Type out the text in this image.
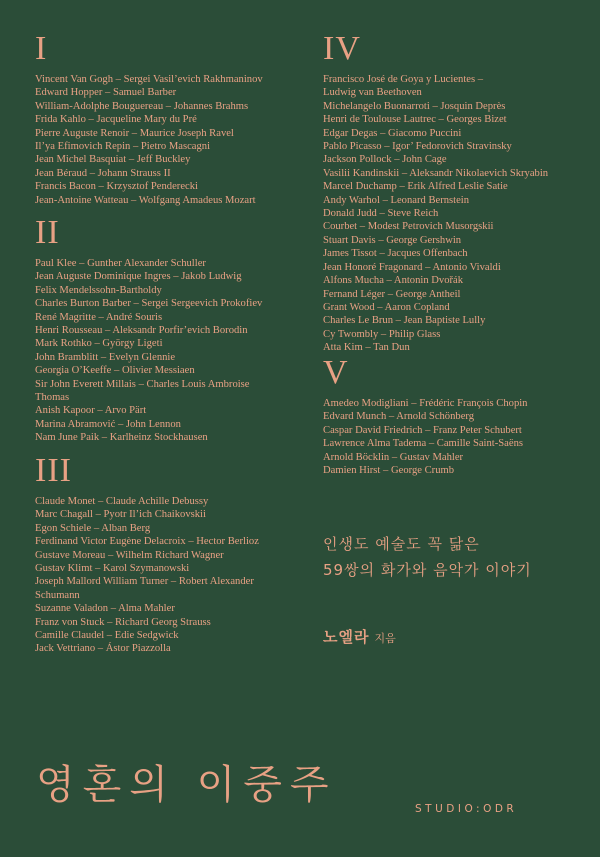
I
Vincent Van Gogh – Sergei Vasil’evich Rakhmaninov
Edward Hopper – Samuel Barber
William-Adolphe Bouguereau – Johannes Brahms
Frida Kahlo – Jacqueline Mary du Pré
Pierre Auguste Renoir – Maurice Joseph Ravel
Il’ya Efimovich Repin – Pietro Mascagni
Jean Michel Basquiat – Jeff Buckley
Jean Béraud – Johann Strauss II
Francis Bacon – Krzysztof Penderecki
Jean-Antoine Watteau – Wolfgang Amadeus Mozart
II
Paul Klee – Gunther Alexander Schuller
Jean Auguste Dominique Ingres – Jakob Ludwig
Felix Mendelssohn-Bartholdy
Charles Burton Barber – Sergei Sergeevich Prokofiev
René Magritte – André Souris
Henri Rousseau – Aleksandr Porfir’evich Borodin
Mark Rothko – György Ligeti
John Bramblitt – Evelyn Glennie
Georgia O’Keeffe – Olivier Messiaen
Sir John Everett Millais – Charles Louis Ambroise
Thomas
Anish Kapoor – Arvo Pärt
Marina Abramović – John Lennon
Nam June Paik – Karlheinz Stockhausen
III
Claude Monet – Claude Achille Debussy
Marc Chagall – Pyotr Il’ich Chaikovskii
Egon Schiele – Alban Berg
Ferdinand Victor Eugène Delacroix – Hector Berlioz
Gustave Moreau – Wilhelm Richard Wagner
Gustav Klimt – Karol Szymanowski
Joseph Mallord William Turner – Robert Alexander
Schumann
Suzanne Valadon – Alma Mahler
Franz von Stuck – Richard Georg Strauss
Camille Claudel – Edie Sedgwick
Jack Vettriano – Ástor Piazzolla
IV
Francisco José de Goya y Lucientes –
Ludwig van Beethoven
Michelangelo Buonarroti – Josquin Deprès
Henri de Toulouse Lautrec – Georges Bizet
Edgar Degas – Giacomo Puccini
Pablo Picasso – Igor’ Fedorovich Stravinsky
Jackson Pollock – John Cage
Vasilii Kandinskii – Aleksandr Nikolaevich Skryabin
Marcel Duchamp – Erik Alfred Leslie Satie
Andy Warhol – Leonard Bernstein
Donald Judd – Steve Reich
Courbet – Modest Petrovich Musorgskii
Stuart Davis – George Gershwin
James Tissot – Jacques Offenbach
Jean Honoré Fragonard – Antonio Vivaldi
Alfons Mucha – Antonin Dvořák
Fernand Léger – George Antheil
Grant Wood – Aaron Copland
Charles Le Brun – Jean Baptiste Lully
Cy Twombly – Philip Glass
Atta Kim – Tan Dun
V
Amedeo Modigliani – Frédéric François Chopin
Edvard Munch – Arnold Schönberg
Caspar David Friedrich – Franz Peter Schubert
Lawrence Alma Tadema – Camille Saint-Saëns
Arnold Böcklin – Gustav Mahler
Damien Hirst – George Crumb
인생도 예술도 꼭 닮은
59쌍의 화가와 음악가 이야기
노엘라 지음
영혼의 이중주
STUDIO:ODR
